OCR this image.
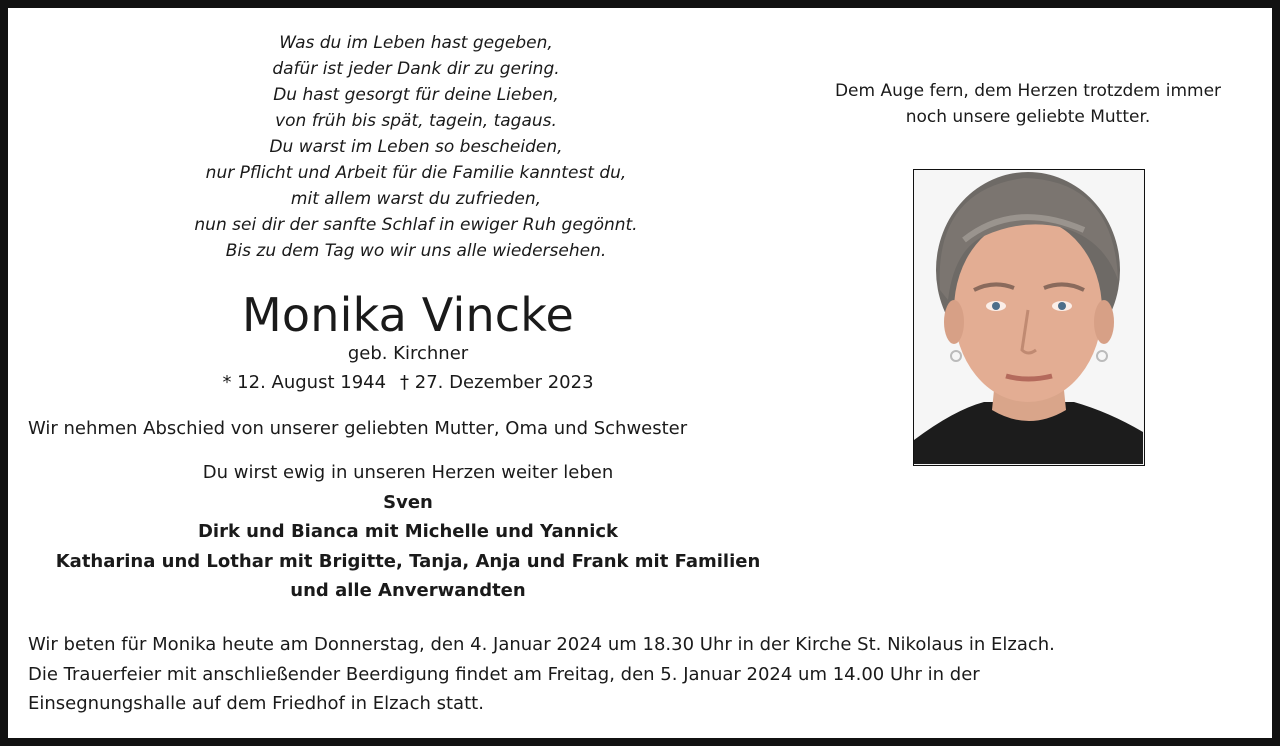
Was du im Leben hast gegeben,
dafür ist jeder Dank dir zu gering.
Du hast gesorgt für deine Lieben,
von früh bis spät, tagein, tagaus.
Du warst im Leben so bescheiden,
nur Pflicht und Arbeit für die Familie kanntest du,
mit allem warst du zufrieden,
nun sei dir der sanfte Schlaf in ewiger Ruh gegönnt.
Bis zu dem Tag wo wir uns alle wiedersehen.
Monika Vincke
geb. Kirchner
* 12. August 1944 † 27. Dezember 2023
Wir nehmen Abschied von unserer geliebten Mutter, Oma und Schwester
Du wirst ewig in unseren Herzen weiter leben
Sven
Dirk und Bianca mit Michelle und Yannick
Katharina und Lothar mit Brigitte, Tanja, Anja und Frank mit Familien
und alle Anverwandten
Wir beten für Monika heute am Donnerstag, den 4. Januar 2024 um 18.30 Uhr in der Kirche St. Nikolaus in Elzach.
Die Trauerfeier mit anschließender Beerdigung findet am Freitag, den 5. Januar 2024 um 14.00 Uhr in der
Einsegnungshalle auf dem Friedhof in Elzach statt.
Dem Auge fern, dem Herzen trotzdem immer
noch unsere geliebte Mutter.
